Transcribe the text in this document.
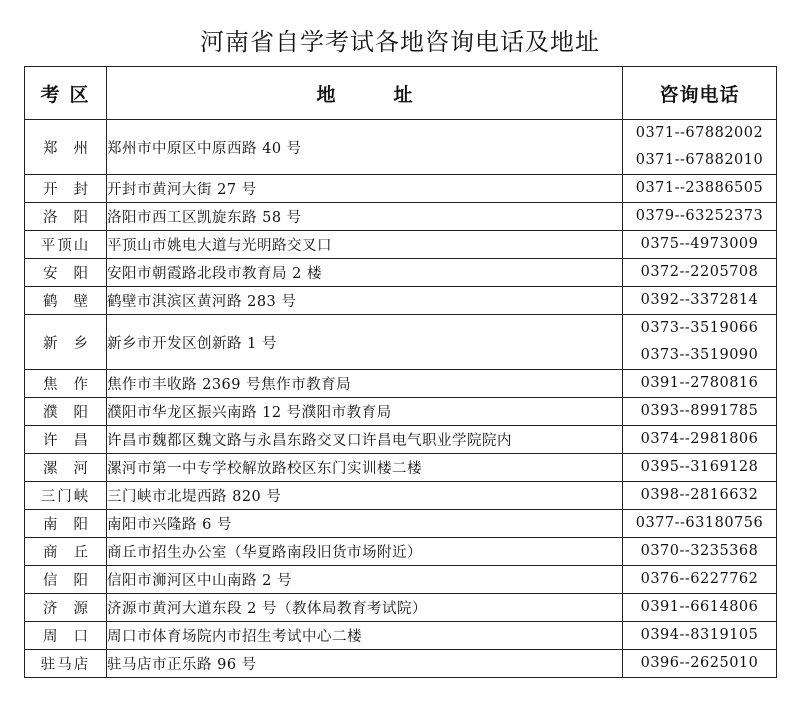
河南省自学考试各地咨询电话及地址
考区	地址	咨询电话
郑州	郑州市中原区中原西路 40 号	0371--67882002
0371--67882010

开封	开封市黄河大街 27 号	0371--23886505

洛阳	洛阳市西工区凯旋东路 58 号	0379--63252373

平顶山	平顶山市姚电大道与光明路交叉口	0375--4973009

安阳	安阳市朝霞路北段市教育局 2 楼	0372--2205708

鹤壁	鹤壁市淇滨区黄河路 283 号	0392--3372814

新乡	新乡市开发区创新路 1 号	0373--3519066
0373--3519090

焦作	焦作市丰收路 2369 号焦作市教育局	0391--2780816

濮阳	濮阳市华龙区振兴南路 12 号濮阳市教育局	0393--8991785

许昌	许昌市魏都区魏文路与永昌东路交叉口许昌电气职业学院院内	0374--2981806

漯河	漯河市第一中专学校解放路校区东门实训楼二楼	0395--3169128

三门峡	三门峡市北堤西路 820 号	0398--2816632

南阳	南阳市兴隆路 6 号	0377--63180756

商丘	商丘市招生办公室（华夏路南段旧货市场附近）	0370--3235368

信阳	信阳市浉河区中山南路 2 号	0376--6227762

济源	济源市黄河大道东段 2 号（教体局教育考试院）	0391--6614806

周口	周口市体育场院内市招生考试中心二楼	0394--8319105

驻马店	驻马店市正乐路 96 号	0396--2625010
